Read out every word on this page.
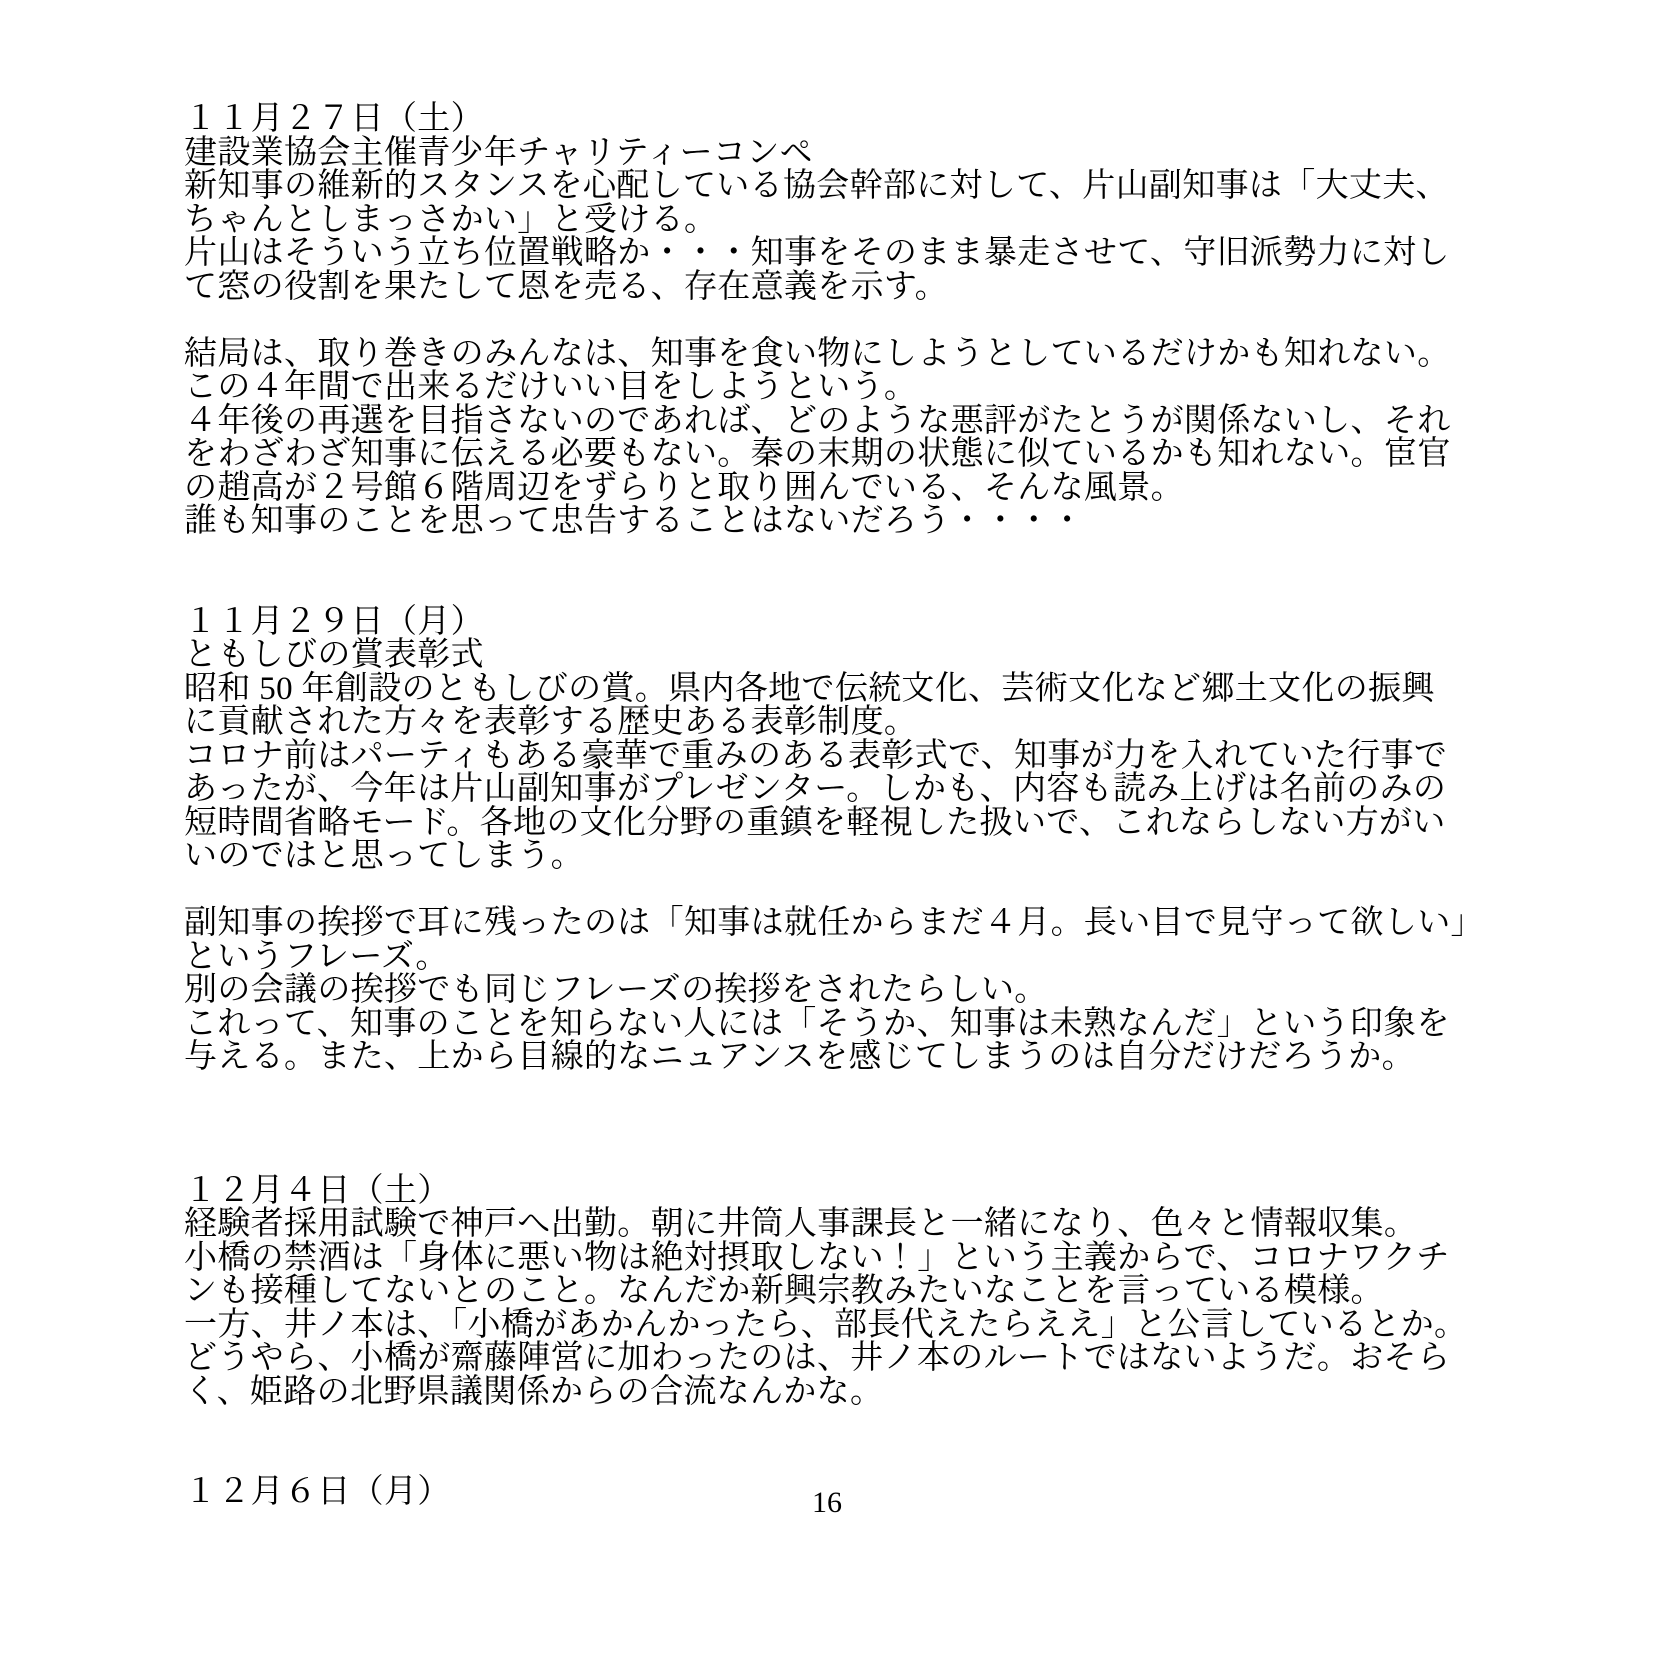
１１月２７日（土）
建設業協会主催青少年チャリティーコンペ
新知事の維新的スタンスを心配している協会幹部に対して、片山副知事は「大丈夫、
ちゃんとしまっさかい」と受ける。
片山はそういう立ち位置戦略か・・・知事をそのまま暴走させて、守旧派勢力に対し
て窓の役割を果たして恩を売る、存在意義を示す。
結局は、取り巻きのみんなは、知事を食い物にしようとしているだけかも知れない。
この４年間で出来るだけいい目をしようという。
４年後の再選を目指さないのであれば、どのような悪評がたとうが関係ないし、それ
をわざわざ知事に伝える必要もない。秦の末期の状態に似ているかも知れない。宦官
の趙高が２号館６階周辺をずらりと取り囲んでいる、そんな風景。
誰も知事のことを思って忠告することはないだろう・・・・
１１月２９日（月）
ともしびの賞表彰式
昭和 50 年創設のともしびの賞。県内各地で伝統文化、芸術文化など郷土文化の振興
に貢献された方々を表彰する歴史ある表彰制度。
コロナ前はパーティもある豪華で重みのある表彰式で、知事が力を入れていた行事で
あったが、今年は片山副知事がプレゼンター。しかも、内容も読み上げは名前のみの
短時間省略モード。各地の文化分野の重鎮を軽視した扱いで、これならしない方がい
いのではと思ってしまう。
副知事の挨拶で耳に残ったのは「知事は就任からまだ４月。長い目で見守って欲しい」
というフレーズ。
別の会議の挨拶でも同じフレーズの挨拶をされたらしい。
これって、知事のことを知らない人には「そうか、知事は未熟なんだ」という印象を
与える。また、上から目線的なニュアンスを感じてしまうのは自分だけだろうか。
１２月４日（土）
経験者採用試験で神戸へ出勤。朝に井筒人事課長と一緒になり、色々と情報収集。
小橋の禁酒は「身体に悪い物は絶対摂取しない！」という主義からで、コロナワクチ
ンも接種してないとのこと。なんだか新興宗教みたいなことを言っている模様。
一方、井ノ本は、「小橋があかんかったら、部長代えたらええ」と公言しているとか。
どうやら、小橋が齋藤陣営に加わったのは、井ノ本のルートではないようだ。おそら
く、姫路の北野県議関係からの合流なんかな。
１２月６日（月）	16
